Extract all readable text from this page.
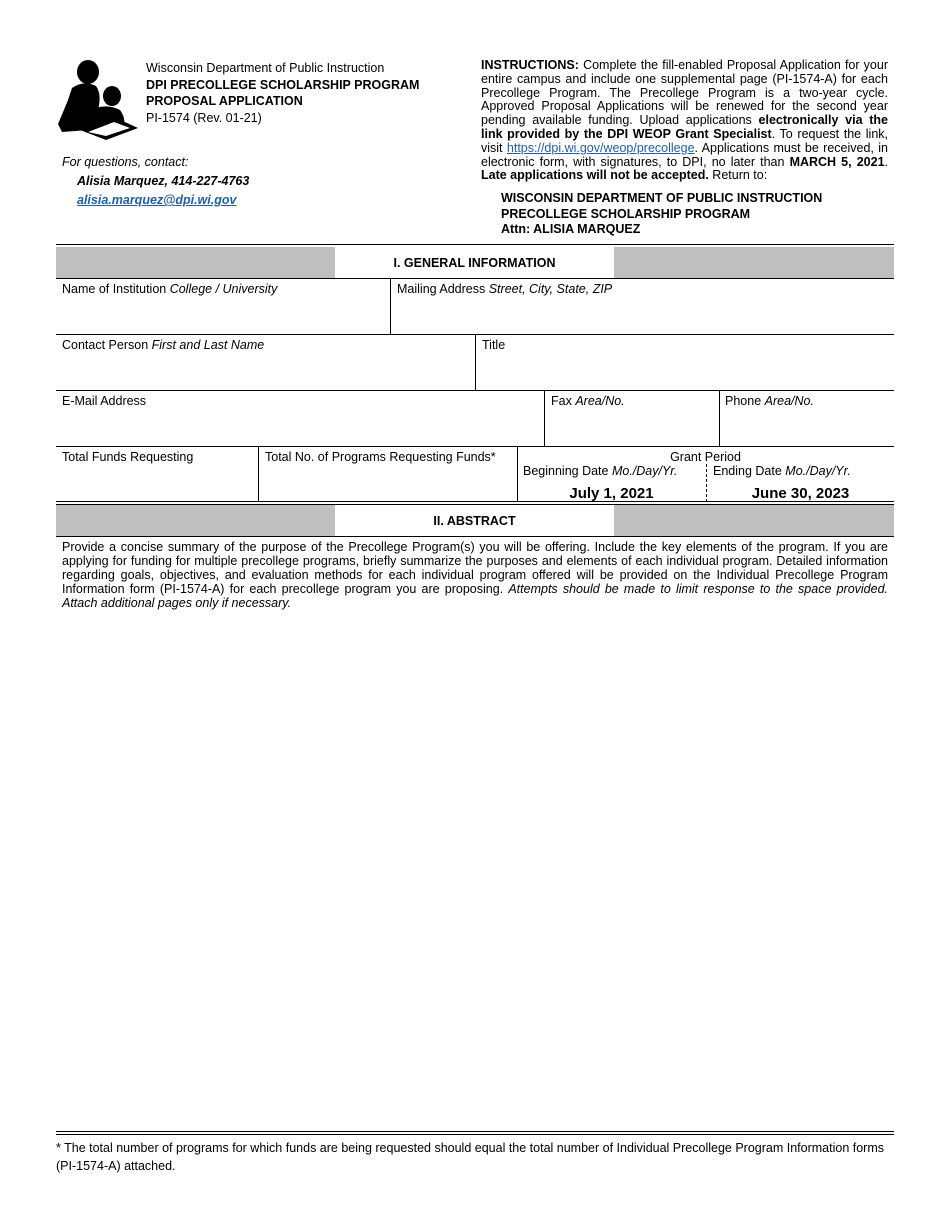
Wisconsin Department of Public Instruction
DPI PRECOLLEGE SCHOLARSHIP PROGRAM
PROPOSAL APPLICATION
PI-1574 (Rev. 01-21)
For questions, contact:
Alisia Marquez, 414-227-4763
alisia.marquez@dpi.wi.gov
INSTRUCTIONS: Complete the fill-enabled Proposal Application for your entire campus and include one supplemental page (PI-1574-A) for each Precollege Program. The Precollege Program is a two-year cycle. Approved Proposal Applications will be renewed for the second year pending available funding. Upload applications electronically via the link provided by the DPI WEOP Grant Specialist. To request the link, visit https://dpi.wi.gov/weop/precollege. Applications must be received, in electronic form, with signatures, to DPI, no later than MARCH 5, 2021. Late applications will not be accepted. Return to:
WISCONSIN DEPARTMENT OF PUBLIC INSTRUCTION
PRECOLLEGE SCHOLARSHIP PROGRAM
Attn: ALISIA MARQUEZ
I. GENERAL INFORMATION
Name of Institution College / University	Mailing Address Street, City, State, ZIP
Contact Person First and Last Name	Title
E-Mail Address	Fax Area/No.	Phone Area/No.
Total Funds Requesting	Total No. of Programs Requesting Funds*	Grant Period
Beginning Date Mo./Day/Yr.	Ending Date Mo./Day/Yr.
July 1, 2021	June 30, 2023
II. ABSTRACT
Provide a concise summary of the purpose of the Precollege Program(s) you will be offering. Include the key elements of the program. If you are applying for funding for multiple precollege programs, briefly summarize the purposes and elements of each individual program. Detailed information regarding goals, objectives, and evaluation methods for each individual program offered will be provided on the Individual Precollege Program Information form (PI-1574-A) for each precollege program you are proposing. Attempts should be made to limit response to the space provided. Attach additional pages only if necessary.
* The total number of programs for which funds are being requested should equal the total number of Individual Precollege Program Information forms (PI-1574-A) attached.
